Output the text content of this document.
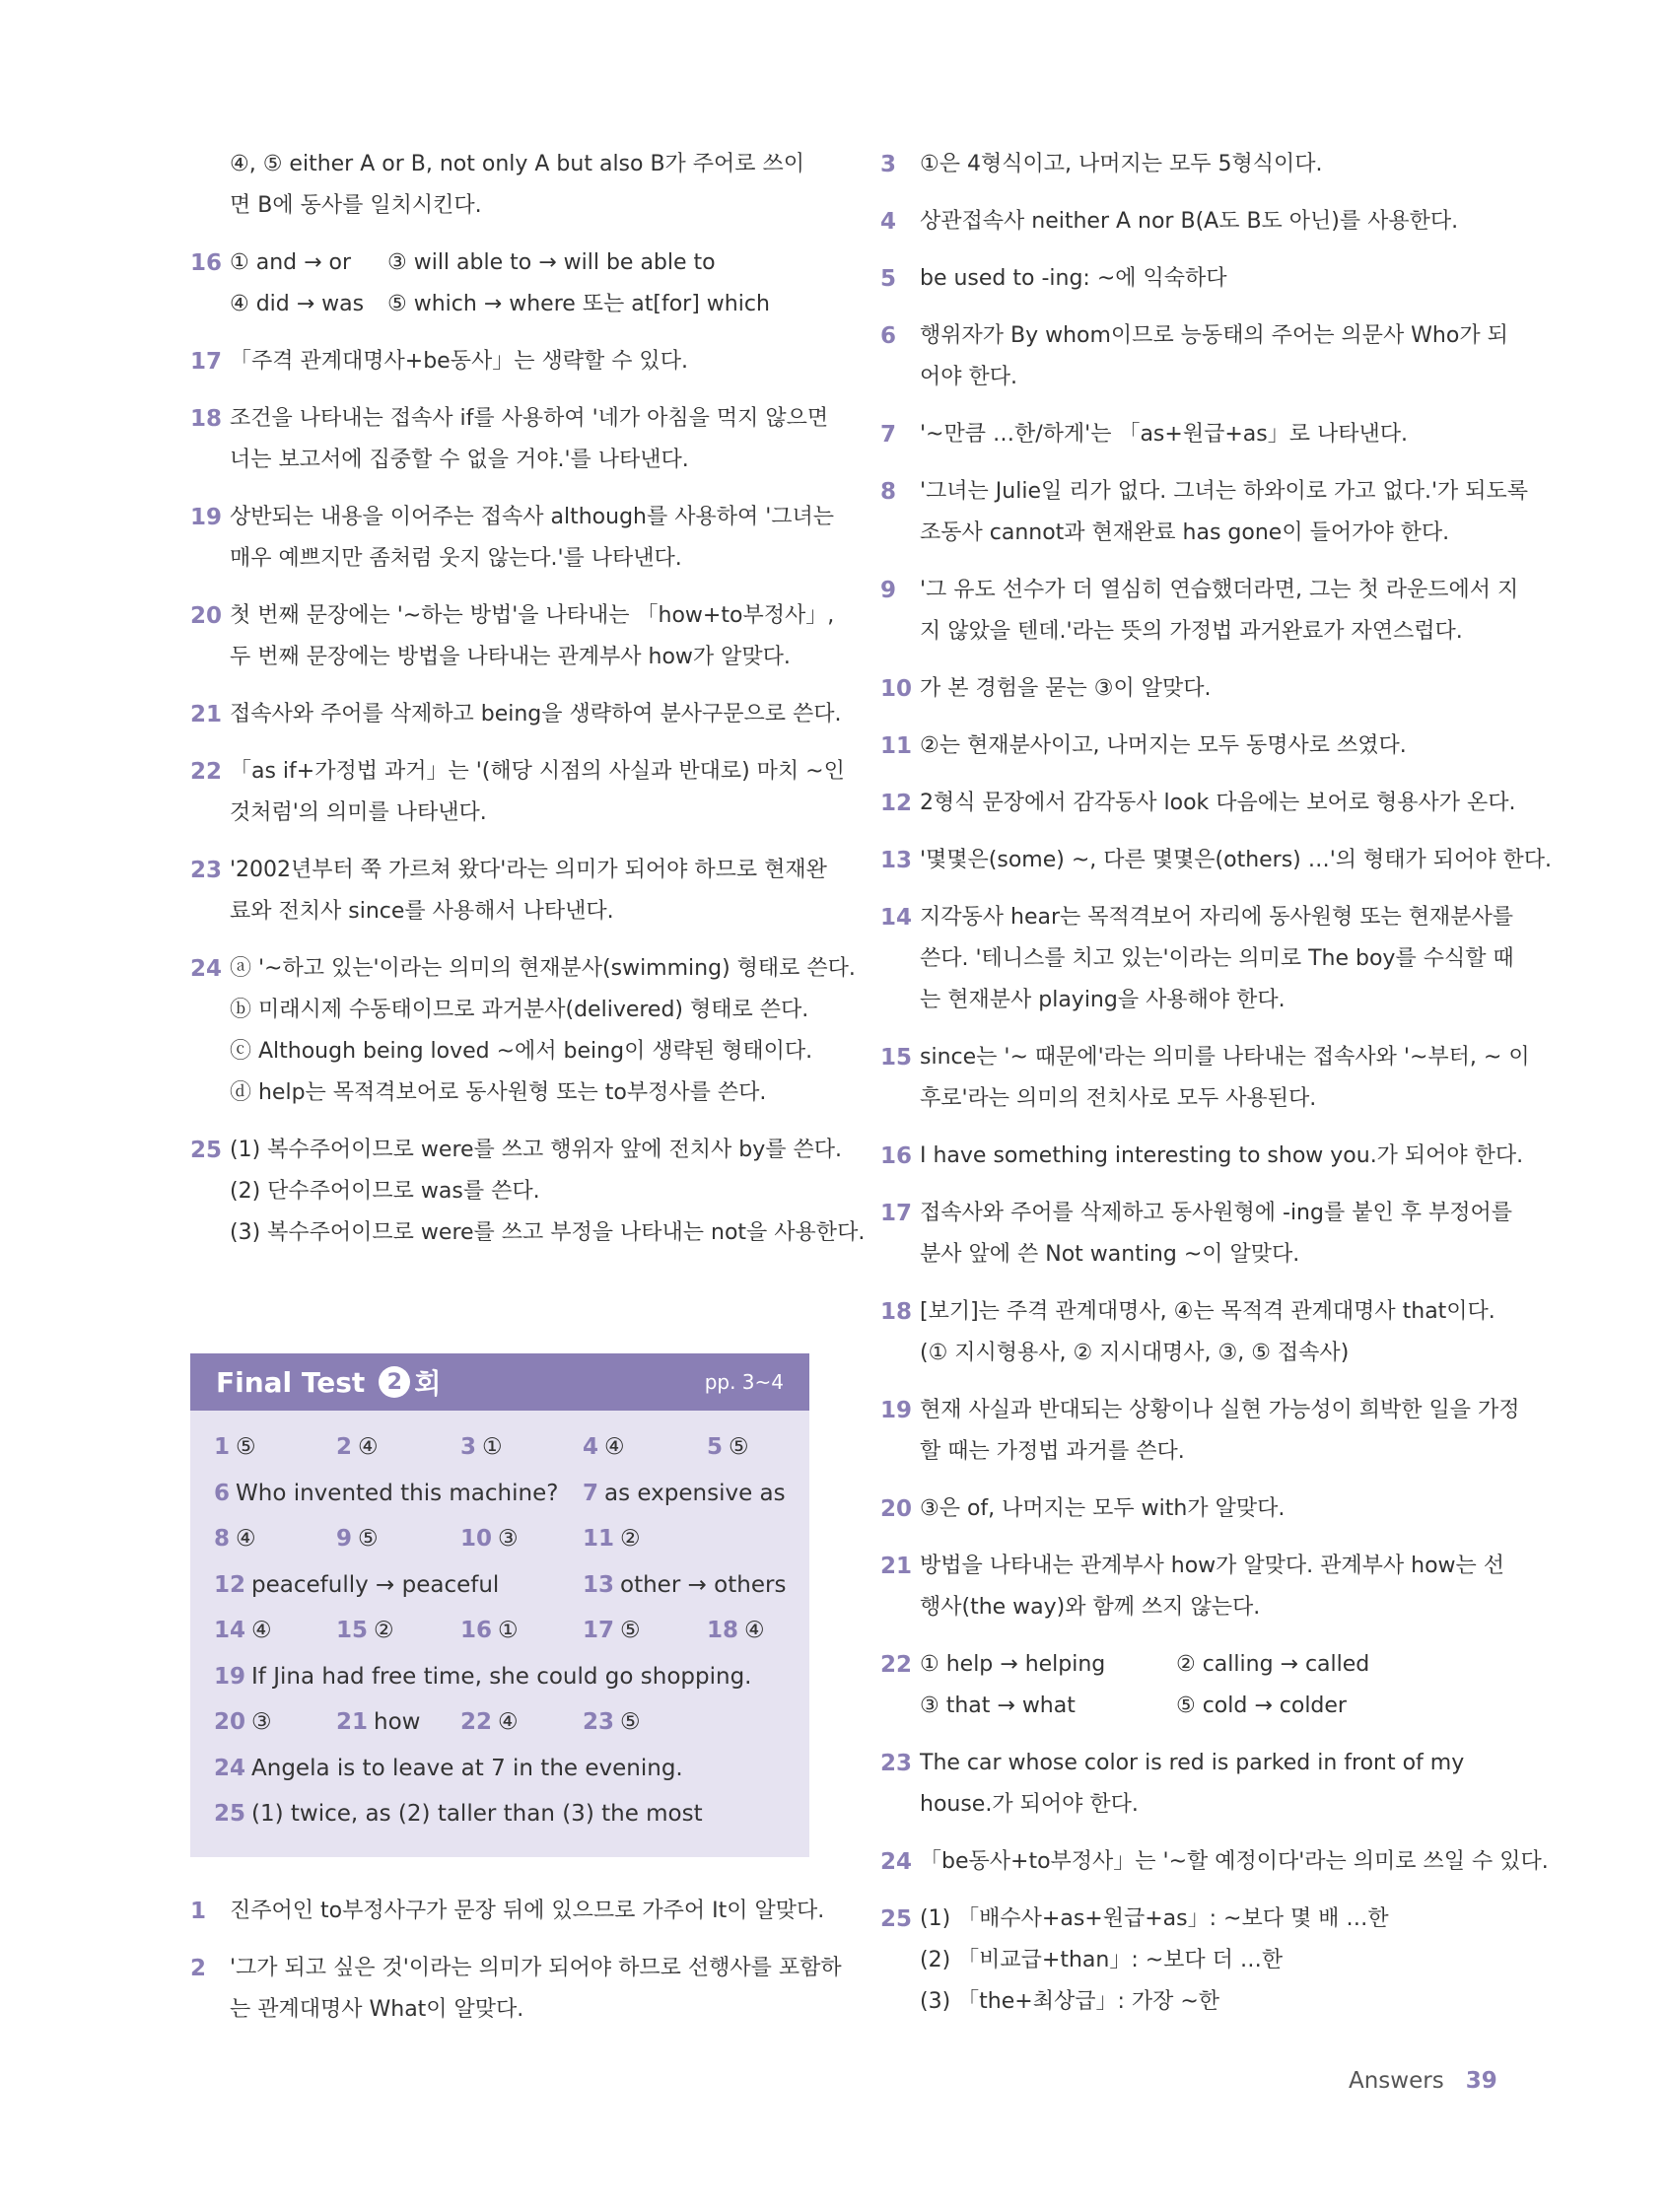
④, ⑤ either A or B, not only A but also B가 주어로 쓰이
면 B에 동사를 일치시킨다.
16 ① and → or	③ will able to → will be able to
④ did → was	⑤ which → where 또는 at[for] which
17 「주격 관계대명사+be동사」는 생략할 수 있다.
18 조건을 나타내는 접속사 if를 사용하여 '네가 아침을 먹지 않으면
너는 보고서에 집중할 수 없을 거야.'를 나타낸다.
19 상반되는 내용을 이어주는 접속사 although를 사용하여 '그녀는
매우 예쁘지만 좀처럼 웃지 않는다.'를 나타낸다.
20 첫 번째 문장에는 '~하는 방법'을 나타내는 「how+to부정사」,
두 번째 문장에는 방법을 나타내는 관계부사 how가 알맞다.
21 접속사와 주어를 삭제하고 being을 생략하여 분사구문으로 쓴다.
22 「as if+가정법 과거」는 '(해당 시점의 사실과 반대로) 마치 ~인
것처럼'의 의미를 나타낸다.
23 '2002년부터 쭉 가르쳐 왔다'라는 의미가 되어야 하므로 현재완
료와 전치사 since를 사용해서 나타낸다.
24 ⓐ '~하고 있는'이라는 의미의 현재분사(swimming) 형태로 쓴다.
ⓑ 미래시제 수동태이므로 과거분사(delivered) 형태로 쓴다.
ⓒ Although being loved ~에서 being이 생략된 형태이다.
ⓓ help는 목적격보어로 동사원형 또는 to부정사를 쓴다.
25 (1) 복수주어이므로 were를 쓰고 행위자 앞에 전치사 by를 쓴다.
(2) 단수주어이므로 was를 쓴다.
(3) 복수주어이므로 were를 쓰고 부정을 나타내는 not을 사용한다.
Final Test	2 회	pp. 3~4
1 ⑤	2 ④	3 ①	4 ④	5 ⑤
6 Who invented this machine? 7 as expensive as
8 ④	9 ⑤	10 ③	11 ②
12 peacefully → peaceful	13 other → others
14 ④	15 ②	16 ①	17 ⑤	18 ④
19 If Jina had free time, she could go shopping.
20 ③	21 how 22 ④	23 ⑤
24 Angela is to leave at 7 in the evening.
25 (1) twice, as (2) taller than (3) the most
1 진주어인 to부정사구가 문장 뒤에 있으므로 가주어 It이 알맞다.
2 '그가 되고 싶은 것'이라는 의미가 되어야 하므로 선행사를 포함하
는 관계대명사 What이 알맞다.
3 ①은 4형식이고, 나머지는 모두 5형식이다.
4 상관접속사 neither A nor B(A도 B도 아닌)를 사용한다.
5 be used to -ing: ~에 익숙하다
6 행위자가 By whom이므로 능동태의 주어는 의문사 Who가 되
어야 한다.
7 '~만큼 …한/하게'는 「as+원급+as」로 나타낸다.
8 '그녀는 Julie일 리가 없다. 그녀는 하와이로 가고 없다.'가 되도록
조동사 cannot과 현재완료 has gone이 들어가야 한다.
9 '그 유도 선수가 더 열심히 연습했더라면, 그는 첫 라운드에서 지
지 않았을 텐데.'라는 뜻의 가정법 과거완료가 자연스럽다.
10 가 본 경험을 묻는 ③이 알맞다.
11 ②는 현재분사이고, 나머지는 모두 동명사로 쓰였다.
12 2형식 문장에서 감각동사 look 다음에는 보어로 형용사가 온다.
13 '몇몇은(some) ~, 다른 몇몇은(others) …'의 형태가 되어야 한다.
14 지각동사 hear는 목적격보어 자리에 동사원형 또는 현재분사를
쓴다. '테니스를 치고 있는'이라는 의미로 The boy를 수식할 때
는 현재분사 playing을 사용해야 한다.
15 since는 '~ 때문에'라는 의미를 나타내는 접속사와 '~부터, ~ 이
후로'라는 의미의 전치사로 모두 사용된다.
16 I have something interesting to show you.가 되어야 한다.
17 접속사와 주어를 삭제하고 동사원형에 -ing를 붙인 후 부정어를
분사 앞에 쓴 Not wanting ~이 알맞다.
18 [보기]는 주격 관계대명사, ④는 목적격 관계대명사 that이다.
(① 지시형용사, ② 지시대명사, ③, ⑤ 접속사)
19 현재 사실과 반대되는 상황이나 실현 가능성이 희박한 일을 가정
할 때는 가정법 과거를 쓴다.
20 ③은 of, 나머지는 모두 with가 알맞다.
21 방법을 나타내는 관계부사 how가 알맞다. 관계부사 how는 선
행사(the way)와 함께 쓰지 않는다.
22 ① help → helping	② calling → called
③ that → what	⑤ cold → colder
23 The car whose color is red is parked in front of my
house.가 되어야 한다.
24 「be동사+to부정사」는 '~할 예정이다'라는 의미로 쓰일 수 있다.
25 (1) 「배수사+as+원급+as」: ~보다 몇 배 …한
(2) 「비교급+than」: ~보다 더 …한
(3) 「the+최상급」: 가장 ~한
Answers 39
